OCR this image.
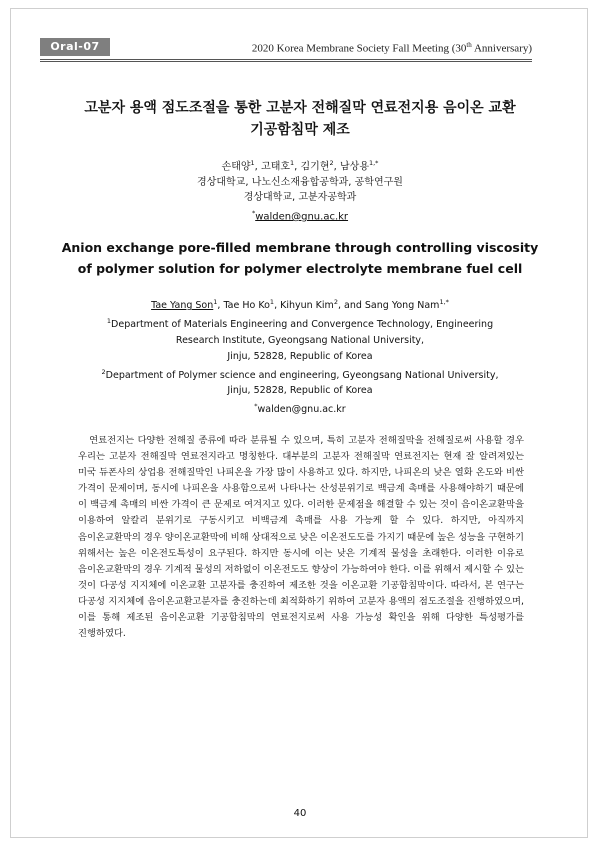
Oral-07	2020 Korea Membrane Society Fall Meeting (30th Anniversary)
고분자 용액 점도조절을 통한 고분자 전해질막 연료전지용 음이온 교환
기공함침막 제조
손태양$^1$, 고태호$^1$, 김기현$^2$, 남상용$^{1,*}$
경상대학교, 나노신소재융합공학과, 공학연구원
경상대학교, 고분자공학과
*walden@gnu.ac.kr
Anion exchange pore-filled membrane through controlling viscosity
of polymer solution for polymer electrolyte membrane fuel cell
Tae Yang Son$^1$, Tae Ho Ko$^1$, Kihyun Kim$^2$, and Sang Yong Nam$^{1,*}$
$^1$Department of Materials Engineering and Convergence Technology, Engineering
Research Institute, Gyeongsang National University,
Jinju, 52828, Republic of Korea
$^2$Department of Polymer science and engineering, Gyeongsang National University,
Jinju, 52828, Republic of Korea
*walden@gnu.ac.kr
연료전지는 다양한 전해질 종류에 따라 분류될 수 있으며, 특히 고분자 전해질막을 전해질로써 사용할 경우 우리는 고분자 전해질막 연료전지라고 명칭한다. 대부분의 고분자 전해질막 연료전지는 현재 잘 알려져있는 미국 듀폰사의 상업용 전해질막인 나피온을 가장 많이 사용하고 있다. 하지만, 나피온의 낮은 열화 온도와 비싼 가격이 문제이며, 동시에 나피온을 사용함으로써 나타나는 산성분위기로 백금계 촉매를 사용해야하기 때문에 이 백금계 촉매의 비싼 가격이 큰 문제로 여겨지고 있다. 이러한 문제점을 해결할 수 있는 것이 음이온교환막을 이용하여 알칼리 분위기로 구동시키고 비백금계 촉매를 사용 가능케 할 수 있다. 하지만, 아직까지 음이온교환막의 경우 양이온교환막에 비해 상대적으로 낮은 이온전도도를 가지기 때문에 높은 성능을 구현하기 위해서는 높은 이온전도특성이 요구된다. 하지만 동시에 이는 낮은 기계적 물성을 초래한다. 이러한 이유로 음이온교환막의 경우 기계적 물성의 저하없이 이온전도도 향상이 가능하여야 한다. 이를 위해서 제시할 수 있는 것이 다공성 지지체에 이온교환 고분자를 충진하여 제조한 것을 이온교환 기공함침막이다. 따라서, 본 연구는 다공성 지지체에 음이온교환고분자를 충진하는데 최적화하기 위하여 고분자 용액의 점도조절을 진행하였으며, 이를 통해 제조된 음이온교환 기공함침막의 연료전지로써 사용 가능성 확인을 위해 다양한 특성평가를 진행하였다.
40
